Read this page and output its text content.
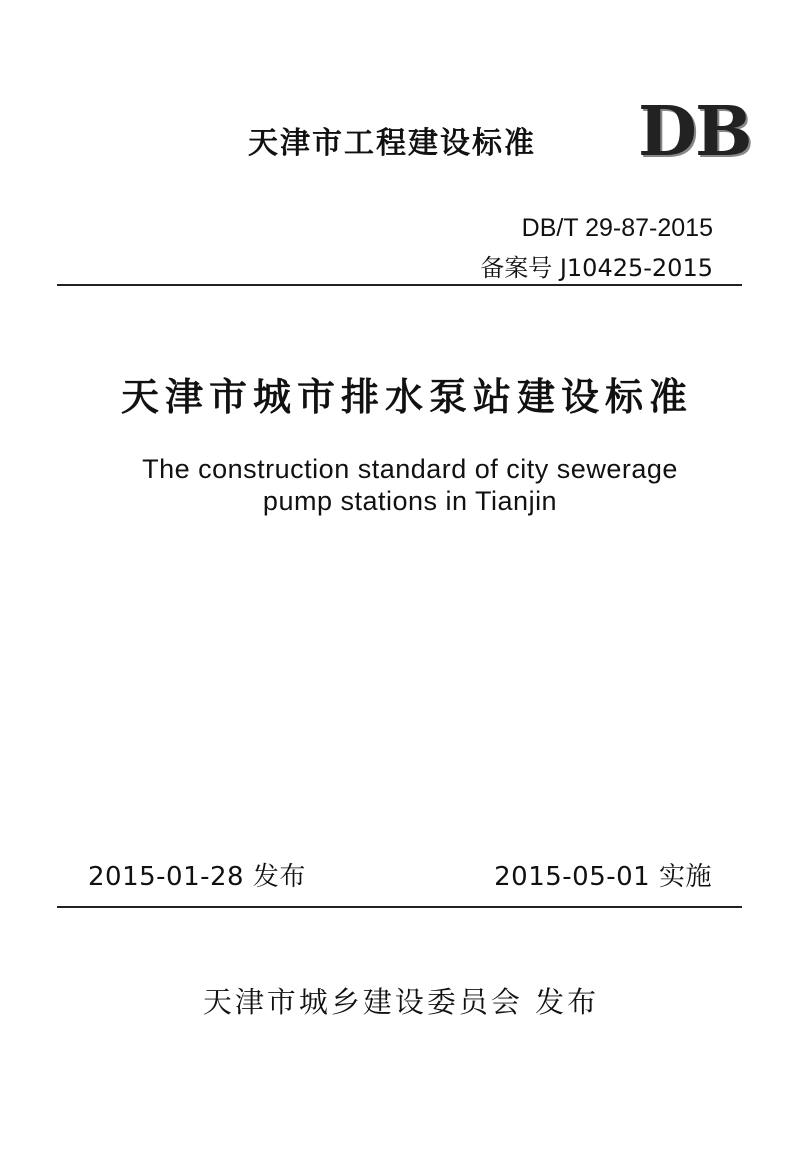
天津市工程建设标准 DB
DB/T 29-87-2015
备案号 J10425-2015
天津市城市排水泵站建设标准
The construction standard of city sewerage
pump stations in Tianjin
2015-01-28 发布	2015-05-01 实施
天津市城乡建设委员会 发布
